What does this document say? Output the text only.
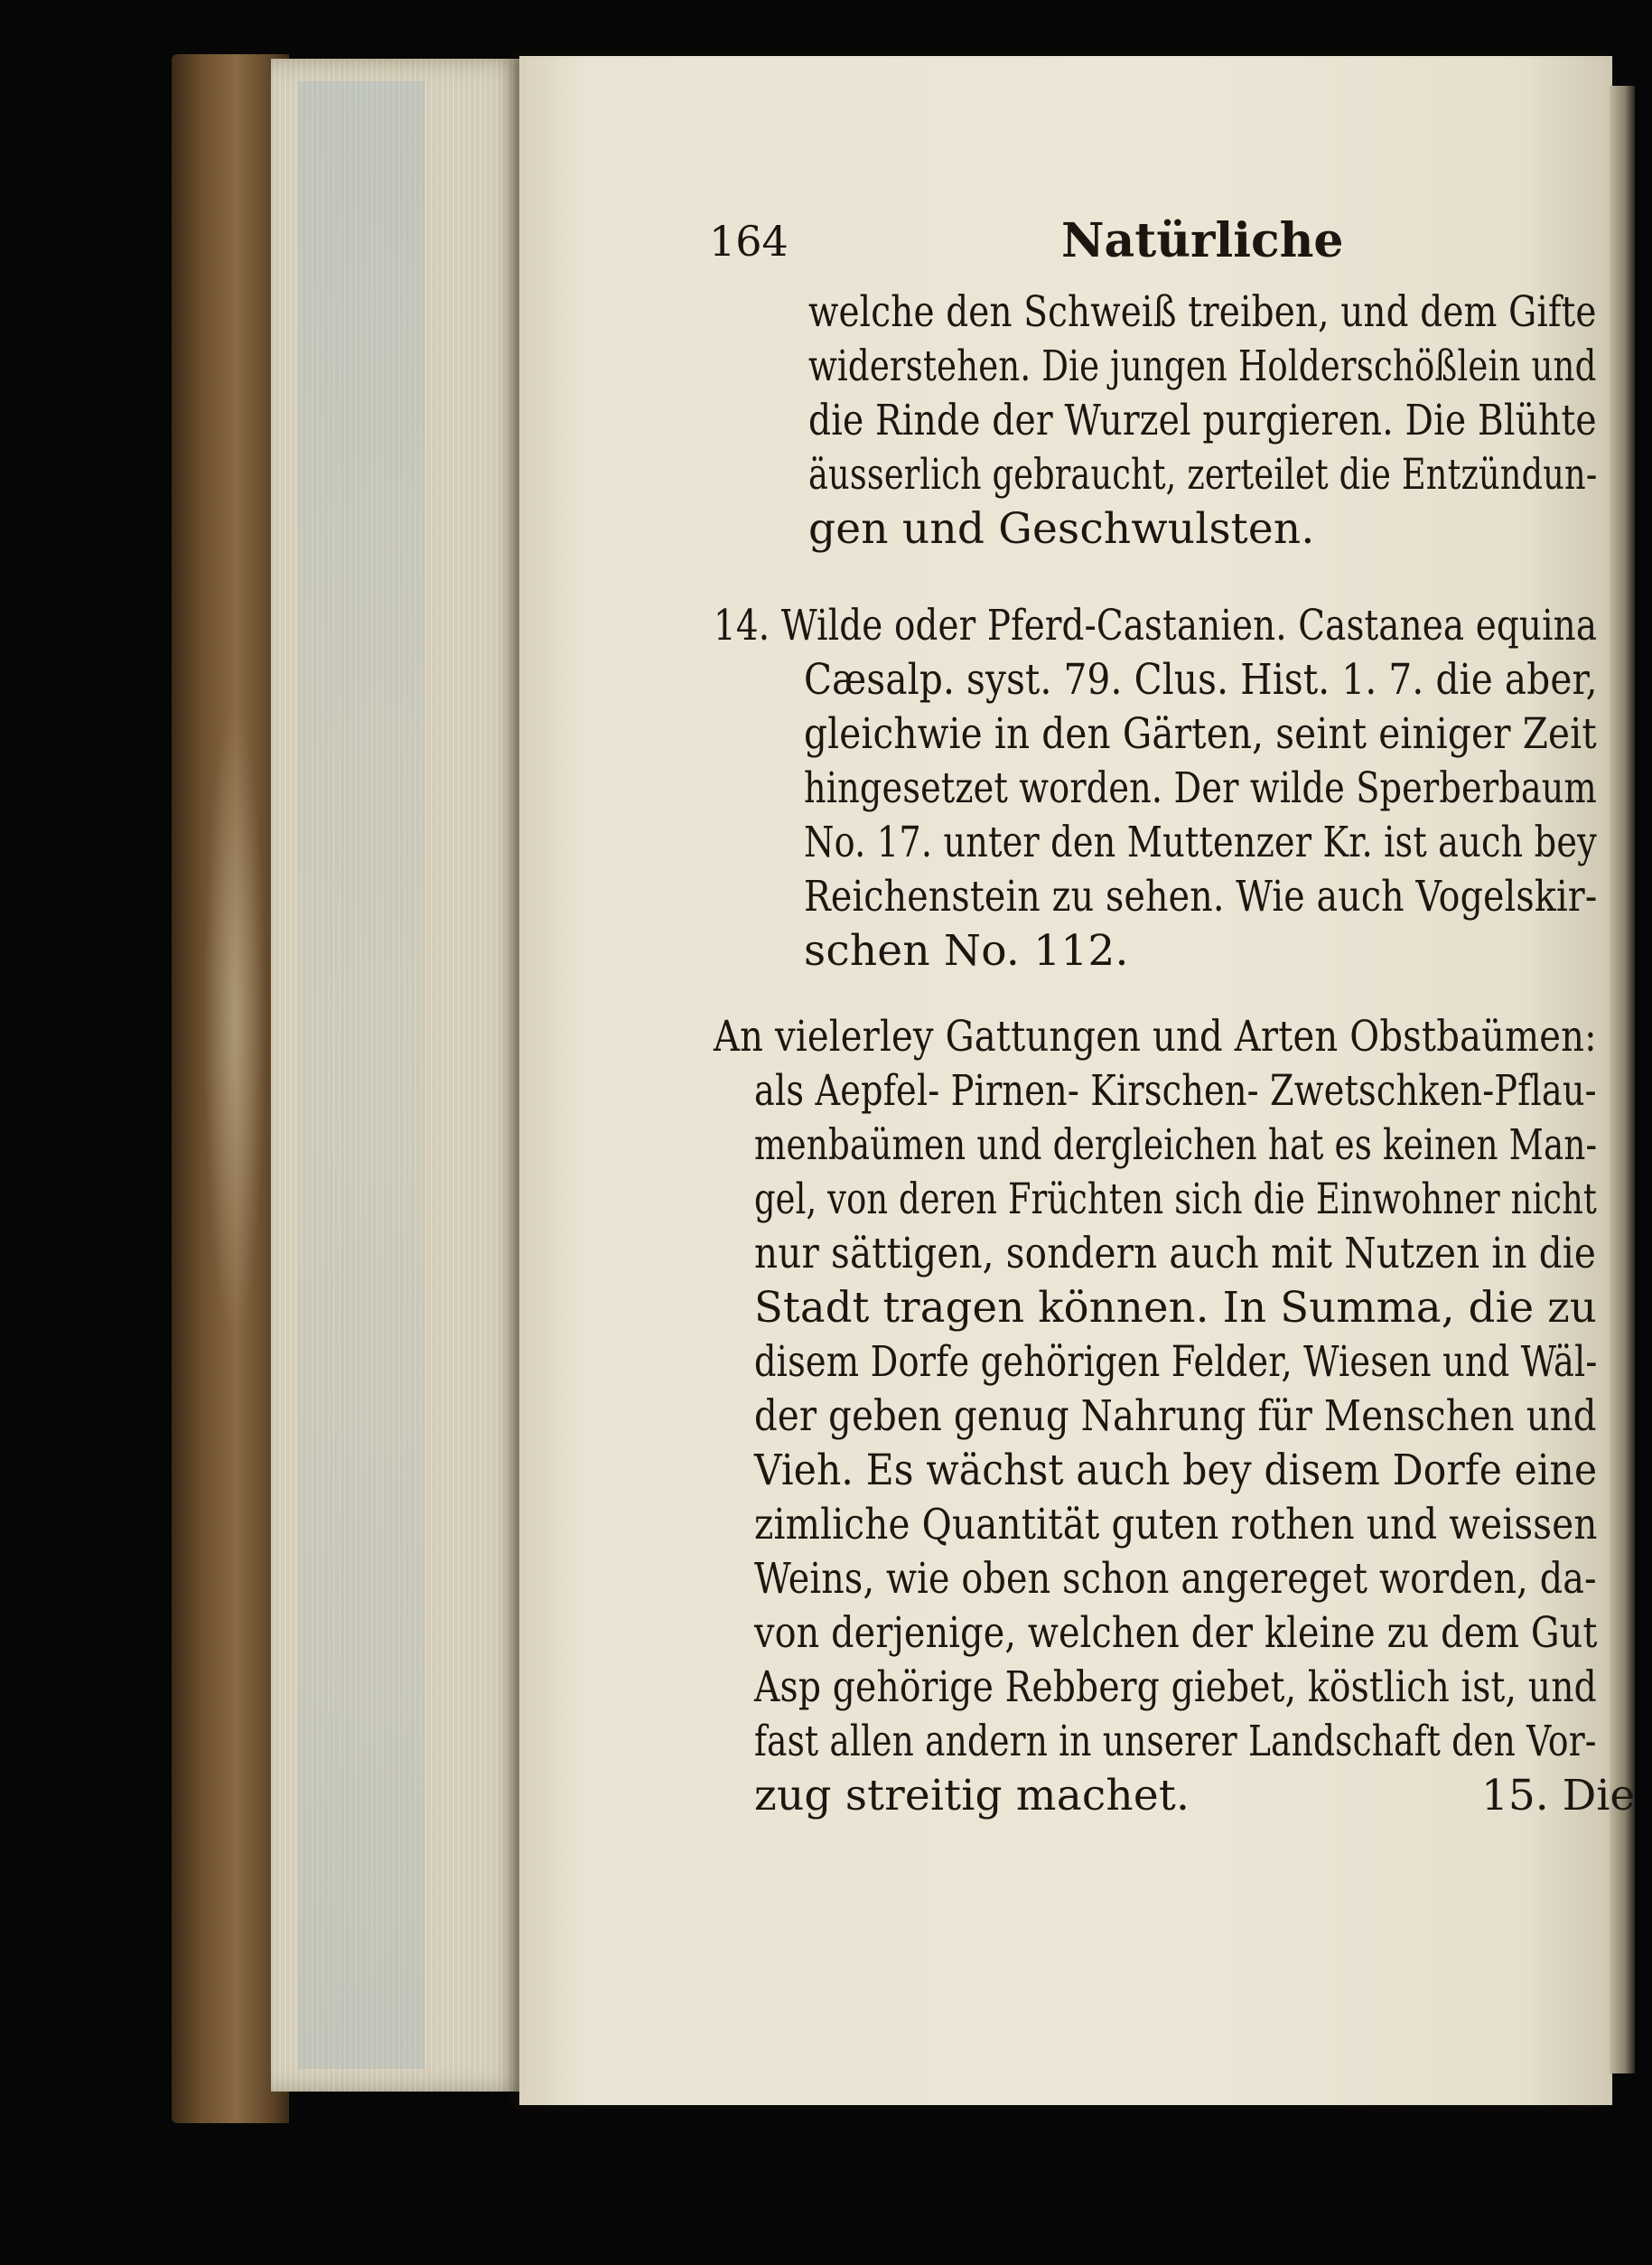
164	Natürliche
welche den Schweiß treiben, und dem Gifte
widerstehen. Die jungen Holderschößlein und
die Rinde der Wurzel purgieren. Die Blühte
äusserlich gebraucht, zerteilet die Entzündun-
gen und Geschwulsten.
14. Wilde oder Pferd-Castanien. Castanea equina
Cæsalp. syst. 79. Clus. Hist. 1. 7. die aber,
gleichwie in den Gärten, seint einiger Zeit
hingesetzet worden. Der wilde Sperberbaum
No. 17. unter den Muttenzer Kr. ist auch bey
Reichenstein zu sehen. Wie auch Vogelskir-
schen No. 112.
An vielerley Gattungen und Arten Obstbaümen:
als Aepfel- Pirnen- Kirschen- Zwetschken-Pflau-
menbaümen und dergleichen hat es keinen Man-
gel, von deren Früchten sich die Einwohner nicht
nur sättigen, sondern auch mit Nutzen in die
Stadt tragen können. In Summa, die zu
disem Dorfe gehörigen Felder, Wiesen und Wäl-
der geben genug Nahrung für Menschen und
Vieh. Es wächst auch bey disem Dorfe eine
zimliche Quantität guten rothen und weissen
Weins, wie oben schon angereget worden, da-
von derjenige, welchen der kleine zu dem Gut
Asp gehörige Rebberg giebet, köstlich ist, und
fast allen andern in unserer Landschaft den Vor-
zug streitig machet.	15. Die
